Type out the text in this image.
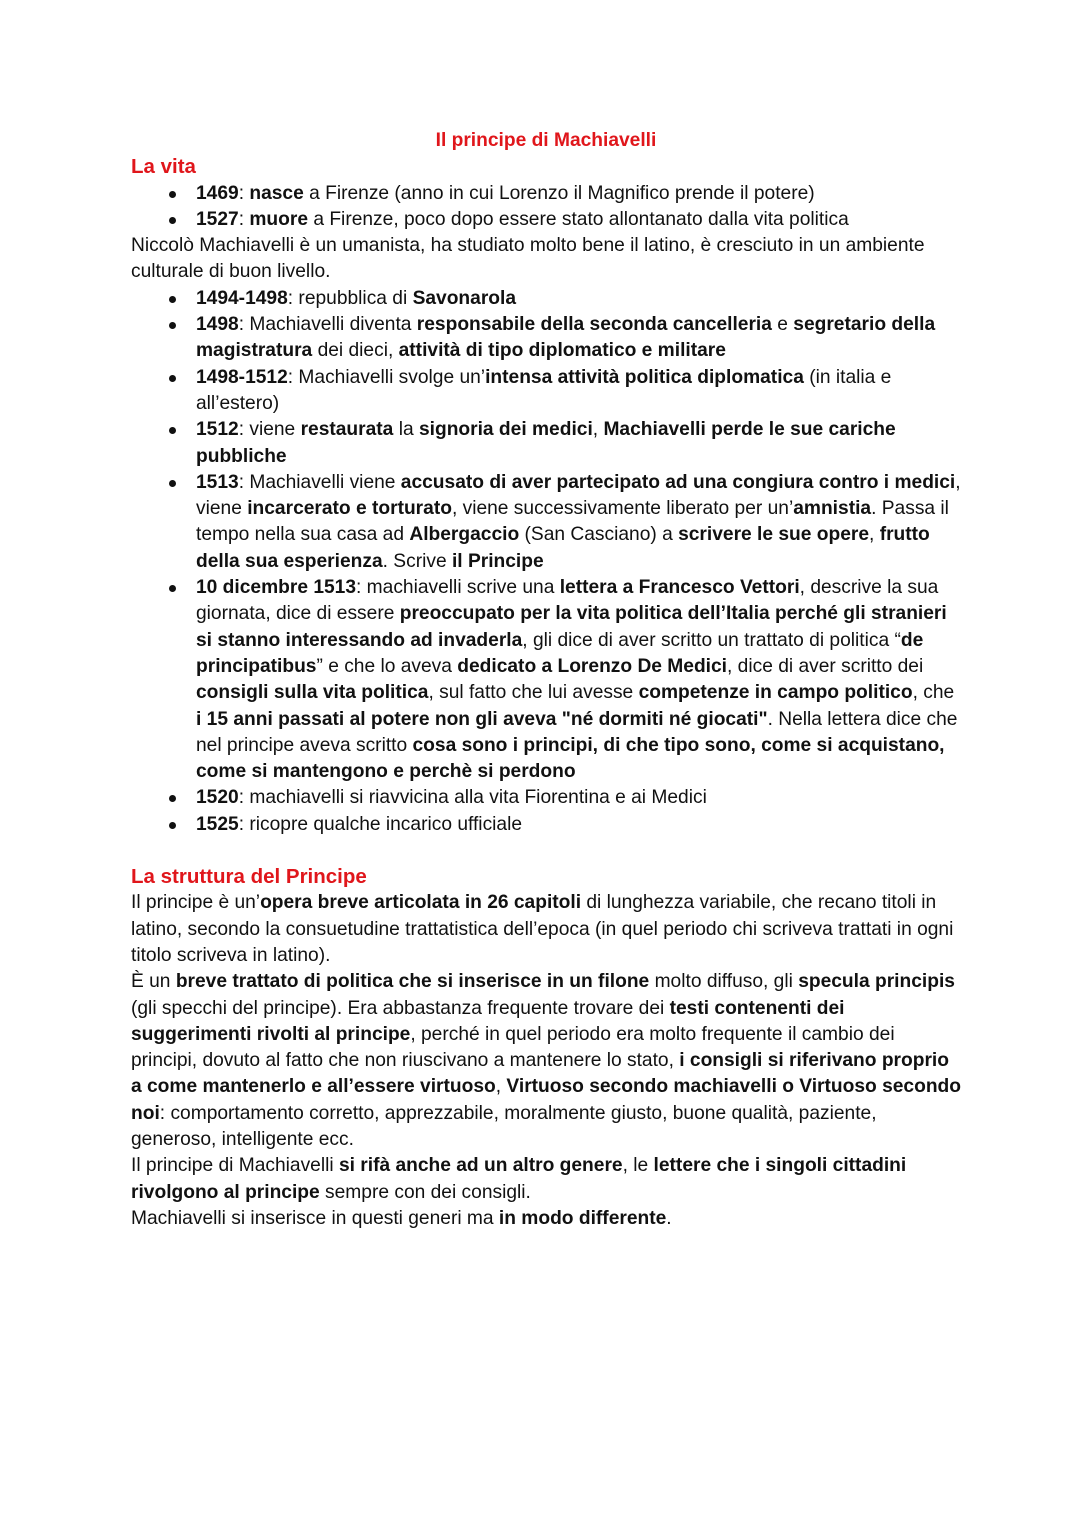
Il principe di Machiavelli

La vita

1469: nasce a Firenze (anno in cui Lorenzo il Magnifico prende il potere)
1527: muore a Firenze, poco dopo essere stato allontanato dalla vita politica

Niccolò Machiavelli è un umanista, ha studiato molto bene il latino, è cresciuto in un ambiente culturale di buon livello.

1494-1498: repubblica di Savonarola
1498: Machiavelli diventa responsabile della seconda cancelleria e segretario della magistratura dei dieci, attività di tipo diplomatico e militare
1498-1512: Machiavelli svolge un’intensa attività politica diplomatica (in italia e all’estero)
1512: viene restaurata la signoria dei medici, Machiavelli perde le sue cariche pubbliche
1513: Machiavelli viene accusato di aver partecipato ad una congiura contro i medici, viene incarcerato e torturato, viene successivamente liberato per un’amnistia. Passa il tempo nella sua casa ad Albergaccio (San Casciano) a scrivere le sue opere, frutto della sua esperienza. Scrive il Principe
10 dicembre 1513: machiavelli scrive una lettera a Francesco Vettori, descrive la sua giornata, dice di essere preoccupato per la vita politica dell’Italia perché gli stranieri si stanno interessando ad invaderla, gli dice di aver scritto un trattato di politica “de principatibus” e che lo aveva dedicato a Lorenzo De Medici, dice di aver scritto dei consigli sulla vita politica, sul fatto che lui avesse competenze in campo politico, che i 15 anni passati al potere non gli aveva "né dormiti né giocati". Nella lettera dice che nel principe aveva scritto cosa sono i principi, di che tipo sono, come si acquistano, come si mantengono e perchè si perdono
1520: machiavelli si riavvicina alla vita Fiorentina e ai Medici
1525: ricopre qualche incarico ufficiale

La struttura del Principe

Il principe è un’opera breve articolata in 26 capitoli di lunghezza variabile, che recano titoli in latino, secondo la consuetudine trattatistica dell’epoca (in quel periodo chi scriveva trattati in ogni titolo scriveva in latino).

È un breve trattato di politica che si inserisce in un filone molto diffuso, gli specula principis (gli specchi del principe). Era abbastanza frequente trovare dei testi contenenti dei suggerimenti rivolti al principe, perché in quel periodo era molto frequente il cambio dei principi, dovuto al fatto che non riuscivano a mantenere lo stato, i consigli si riferivano proprio a come mantenerlo e all’essere virtuoso, Virtuoso secondo machiavelli o Virtuoso secondo noi: comportamento corretto, apprezzabile, moralmente giusto, buone qualità, paziente, generoso, intelligente ecc.

Il principe di Machiavelli si rifà anche ad un altro genere, le lettere che i singoli cittadini rivolgono al principe sempre con dei consigli.

Machiavelli si inserisce in questi generi ma in modo differente.
